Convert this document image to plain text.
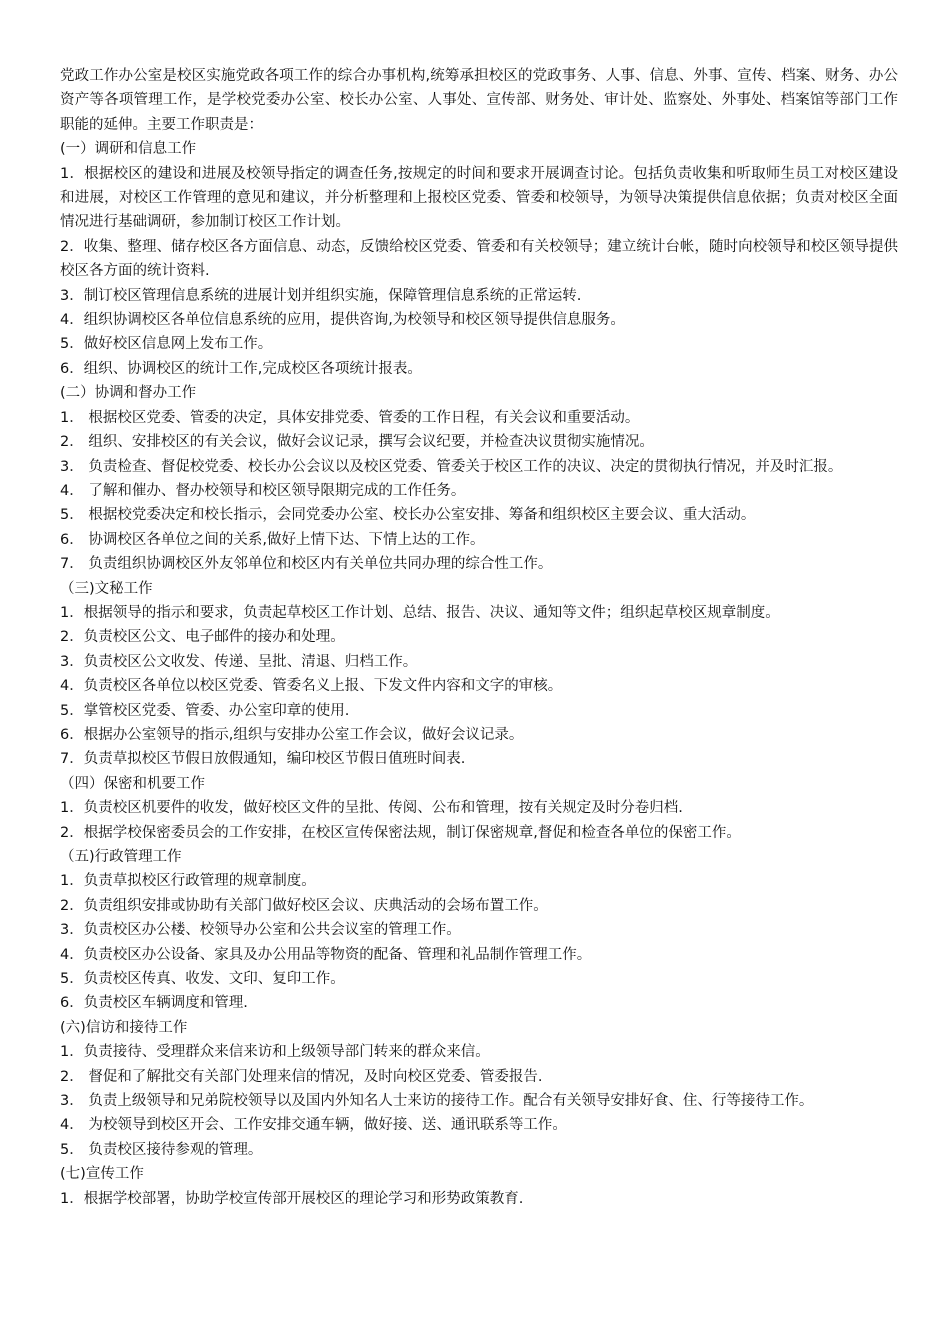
党政工作办公室是校区实施党政各项工作的综合办事机构,统筹承担校区的党政事务、人事、信息、外事、宣传、档案、财务、办公资产等各项管理工作，是学校党委办公室、校长办公室、人事处、宣传部、财务处、审计处、监察处、外事处、档案馆等部门工作职能的延伸。主要工作职责是：

(一）调研和信息工作

1．根据校区的建设和进展及校领导指定的调查任务,按规定的时间和要求开展调查讨论。包括负责收集和听取师生员工对校区建设和进展，对校区工作管理的意见和建议，并分析整理和上报校区党委、管委和校领导，为领导决策提供信息依据；负责对校区全面情况进行基础调研，参加制订校区工作计划。

2．收集、整理、储存校区各方面信息、动态，反馈给校区党委、管委和有关校领导；建立统计台帐，随时向校领导和校区领导提供校区各方面的统计资料.

3．制订校区管理信息系统的进展计划并组织实施，保障管理信息系统的正常运转.

4．组织协调校区各单位信息系统的应用，提供咨询,为校领导和校区领导提供信息服务。

5．做好校区信息网上发布工作。

6．组织、协调校区的统计工作,完成校区各项统计报表。

(二）协调和督办工作

1． 根据校区党委、管委的决定，具体安排党委、管委的工作日程，有关会议和重要活动。

2． 组织、安排校区的有关会议，做好会议记录，撰写会议纪要，并检查决议贯彻实施情况。

3． 负责检查、督促校党委、校长办公会议以及校区党委、管委关于校区工作的决议、决定的贯彻执行情况，并及时汇报。

4． 了解和催办、督办校领导和校区领导限期完成的工作任务。

5． 根据校党委决定和校长指示，会同党委办公室、校长办公室安排、筹备和组织校区主要会议、重大活动。

6． 协调校区各单位之间的关系,做好上情下达、下情上达的工作。

7． 负责组织协调校区外友邻单位和校区内有关单位共同办理的综合性工作。

（三)文秘工作

1．根据领导的指示和要求，负责起草校区工作计划、总结、报告、决议、通知等文件；组织起草校区规章制度。

2．负责校区公文、电子邮件的接办和处理。

3．负责校区公文收发、传递、呈批、清退、归档工作。

4．负责校区各单位以校区党委、管委名义上报、下发文件内容和文字的审核。

5．掌管校区党委、管委、办公室印章的使用.

6．根据办公室领导的指示,组织与安排办公室工作会议，做好会议记录。

7．负责草拟校区节假日放假通知，编印校区节假日值班时间表.

（四）保密和机要工作

1．负责校区机要件的收发，做好校区文件的呈批、传阅、公布和管理，按有关规定及时分卷归档.

2．根据学校保密委员会的工作安排，在校区宣传保密法规，制订保密规章,督促和检查各单位的保密工作。

（五)行政管理工作

1．负责草拟校区行政管理的规章制度。

2．负责组织安排或协助有关部门做好校区会议、庆典活动的会场布置工作。

3．负责校区办公楼、校领导办公室和公共会议室的管理工作。

4．负责校区办公设备、家具及办公用品等物资的配备、管理和礼品制作管理工作。

5．负责校区传真、收发、文印、复印工作。

6．负责校区车辆调度和管理.

(六)信访和接待工作

1．负责接待、受理群众来信来访和上级领导部门转来的群众来信。

2． 督促和了解批交有关部门处理来信的情况，及时向校区党委、管委报告.

3． 负责上级领导和兄弟院校领导以及国内外知名人士来访的接待工作。配合有关领导安排好食、住、行等接待工作。

4． 为校领导到校区开会、工作安排交通车辆，做好接、送、通讯联系等工作。

5． 负责校区接待参观的管理。

(七)宣传工作

1．根据学校部署，协助学校宣传部开展校区的理论学习和形势政策教育.
